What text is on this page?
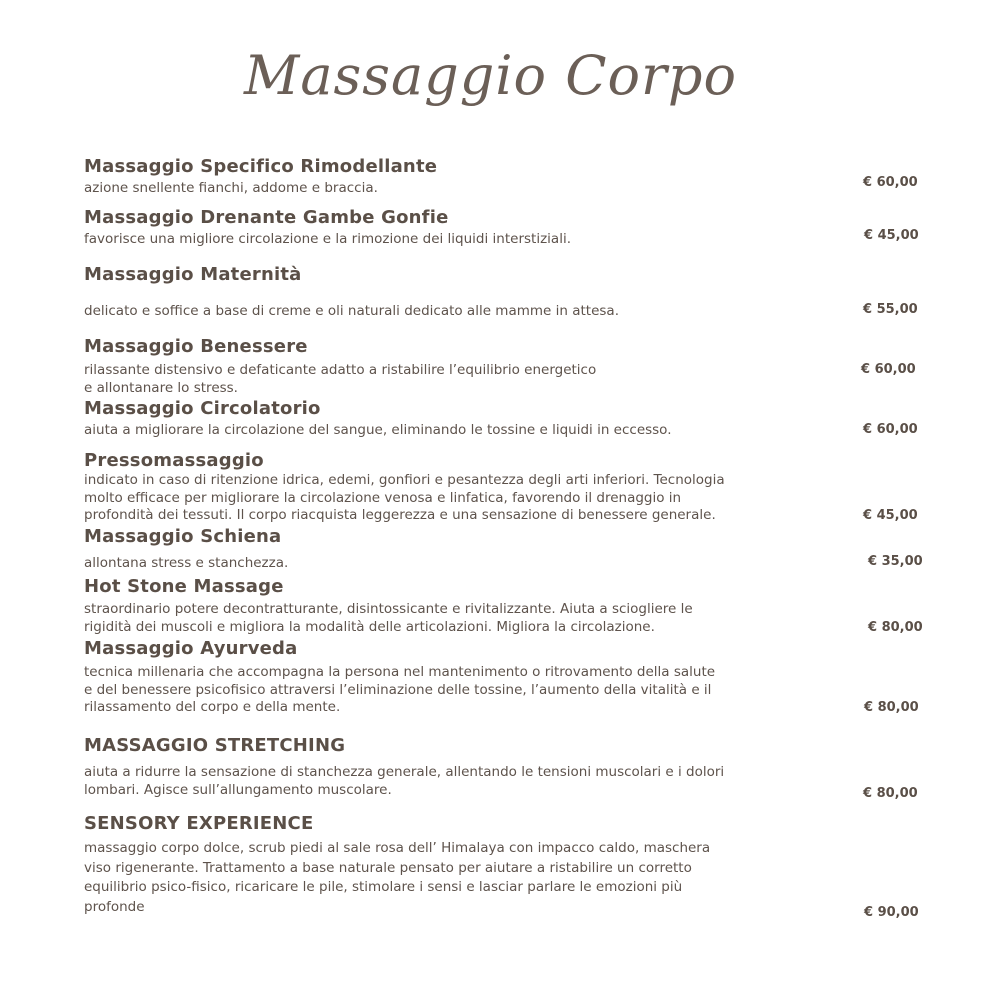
Massaggio Corpo

Massaggio Specifico Rimodellante

azione snellente fianchi, addome e braccia.	€ 60,00

Massaggio Drenante Gambe Gonfie

favorisce una migliore circolazione e la rimozione dei liquidi interstiziali.	€ 45,00

Massaggio Maternità

delicato e soffice a base di creme e oli naturali dedicato alle mamme in attesa.	€ 55,00

Massaggio Benessere

rilassante distensivo e defaticante adatto a ristabilire l’equilibrio energetico
e allontanare lo stress.

€ 60,00

Massaggio Circolatorio

aiuta a migliorare la circolazione del sangue, eliminando le tossine e liquidi in eccesso.	€ 60,00

Pressomassaggio

indicato in caso di ritenzione idrica, edemi, gonfiori e pesantezza degli arti inferiori. Tecnologia
molto efficace per migliorare la circolazione venosa e linfatica, favorendo il drenaggio in
profondità dei tessuti. Il corpo riacquista leggerezza e una sensazione di benessere generale.	€ 45,00

Massaggio Schiena

allontana stress e stanchezza.	€ 35,00

Hot Stone Massage

straordinario potere decontratturante, disintossicante e rivitalizzante. Aiuta a sciogliere le
rigidità dei muscoli e migliora la modalità delle articolazioni. Migliora la circolazione.	€ 80,00

Massaggio Ayurveda

tecnica millenaria che accompagna la persona nel mantenimento o ritrovamento della salute
e del benessere psicofisico attraversi l’eliminazione delle tossine, l’aumento della vitalità e il
rilassamento del corpo e della mente.	€ 80,00

MASSAGGIO STRETCHING

aiuta a ridurre la sensazione di stanchezza generale, allentando le tensioni muscolari e i dolori
lombari. Agisce sull’allungamento muscolare.	€ 80,00

SENSORY EXPERIENCE

massaggio corpo dolce, scrub piedi al sale rosa dell’ Himalaya con impacco caldo, maschera
viso rigenerante. Trattamento a base naturale pensato per aiutare a ristabilire un corretto
equilibrio psico-fisico, ricaricare le pile, stimolare i sensi e lasciar parlare le emozioni più
profonde	€ 90,00
